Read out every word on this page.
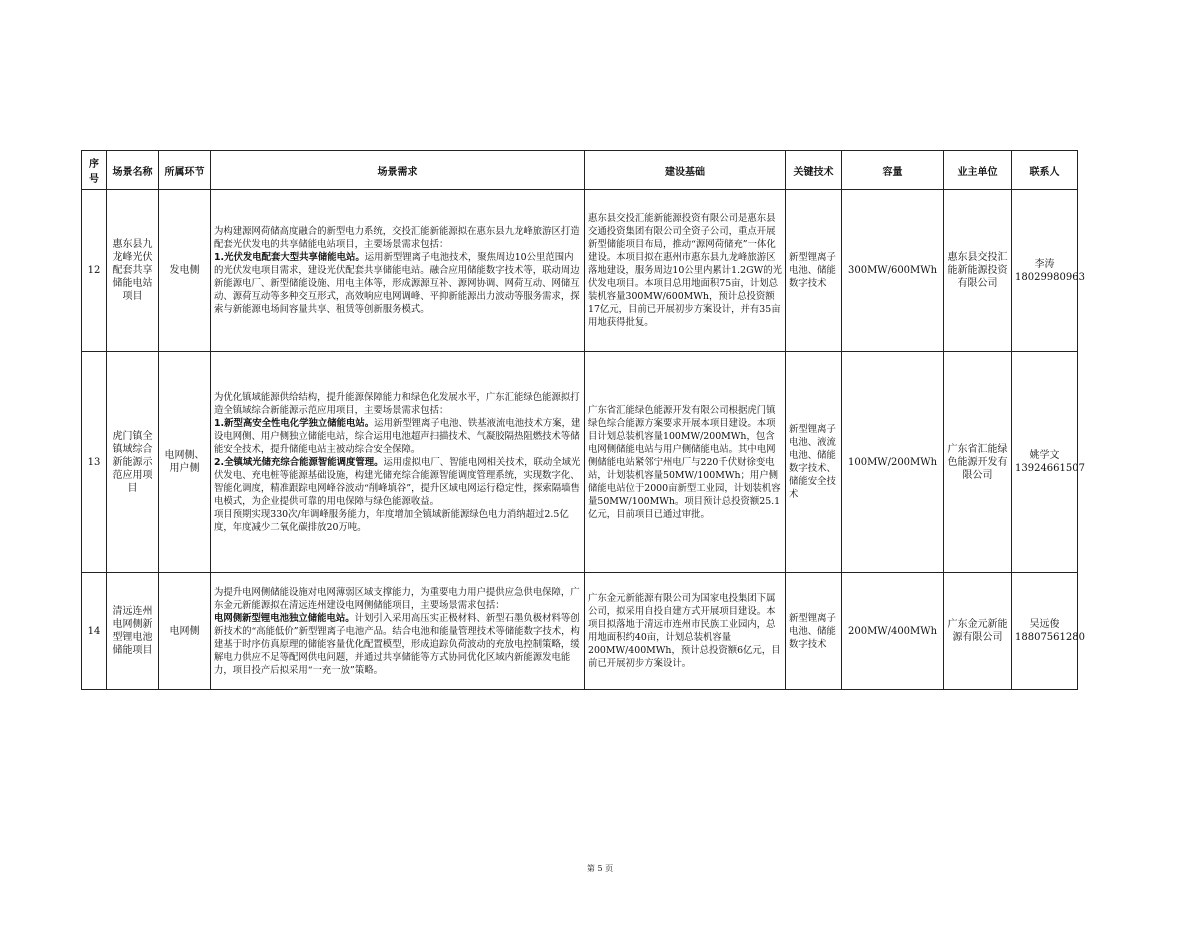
序号	场景名称	所属环节	场景需求	建设基础	关键技术	容量	业主单位	联系人
12	惠东县九龙峰光伏配套共享储能电站项目	发电侧	为构建源网荷储高度融合的新型电力系统，交投汇能新能源拟在惠东县九龙峰旅游区打造配套光伏发电的共享储能电站项目，主要场景需求包括：
1.光伏发电配套大型共享储能电站。运用新型锂离子电池技术，聚焦周边10公里范围内的光伏发电项目需求，建设光伏配套共享储能电站。融合应用储能数字技术等，联动周边新能源电厂、新型储能设施、用电主体等，形成源源互补、源网协调、网荷互动、网储互动、源荷互动等多种交互形式，高效响应电网调峰、平抑新能源出力波动等服务需求，探索与新能源电场间容量共享、租赁等创新服务模式。	惠东县交投汇能新能源投资有限公司是惠东县交通投资集团有限公司全资子公司，重点开展新型储能项目布局，推动“源网荷储充”一体化建设。本项目拟在惠州市惠东县九龙峰旅游区落地建设，服务周边10公里内累计1.2GW的光伏发电项目。本项目总用地面积75亩，计划总装机容量300MW/600MWh，预计总投资额17亿元，目前已开展初步方案设计，并有35亩用地获得批复。	新型锂离子电池、储能数字技术	300MW/600MWh	惠东县交投汇能新能源投资有限公司	李涛
18029980963

13	虎门镇全镇域综合新能源示范应用项目	电网侧、用户侧	为优化镇域能源供给结构，提升能源保障能力和绿色化发展水平，广东汇能绿色能源拟打造全镇域综合新能源示范应用项目，主要场景需求包括：
1.新型高安全性电化学独立储能电站。运用新型锂离子电池、铁基液流电池技术方案，建设电网侧、用户侧独立储能电站，综合运用电池超声扫描技术、气凝胶隔热阻燃技术等储能安全技术，提升储能电站主被动综合安全保障。
2.全镇域光储充综合能源智能调度管理。运用虚拟电厂、智能电网相关技术，联动全域光伏发电、充电桩等能源基础设施，构建光储充综合能源智能调度管理系统，实现数字化、智能化调度，精准跟踪电网峰谷波动“削峰填谷”，提升区域电网运行稳定性，探索隔墙售电模式，为企业提供可靠的用电保障与绿色能源收益。
项目预期实现330次/年调峰服务能力，年度增加全镇域新能源绿色电力消纳超过2.5亿度，年度减少二氧化碳排放20万吨。	广东省汇能绿色能源开发有限公司根据虎门镇绿色综合能源方案要求开展本项目建设。本项目计划总装机容量100MW/200MWh，包含电网侧储能电站与用户侧储能电站。其中电网侧储能电站紧邻宁州电厂与220千伏财徐变电站，计划装机容量50MW/100MWh；用户侧储能电站位于2000亩新型工业园，计划装机容量50MW/100MWh。项目预计总投资额25.1亿元，目前项目已通过审批。	新型锂离子电池、液流电池、储能数字技术、储能安全技术	100MW/200MWh	广东省汇能绿色能源开发有限公司	姚学文
13924661507

14	清远连州电网侧新型锂电池储能项目	电网侧	为提升电网侧储能设施对电网薄弱区域支撑能力，为重要电力用户提供应急供电保障，广东金元新能源拟在清远连州建设电网侧储能项目，主要场景需求包括：
电网侧新型锂电池独立储能电站。计划引入采用高压实正极材料、新型石墨负极材料等创新技术的“高能低价”新型锂离子电池产品。结合电池和能量管理技术等储能数字技术，构建基于时序仿真原理的储能容量优化配置模型，形成追踪负荷波动的充放电控制策略，缓解电力供应不足等配网供电问题，并通过共享储能等方式协同优化区域内新能源发电能力，项目投产后拟采用“一充一放”策略。	广东金元新能源有限公司为国家电投集团下属公司，拟采用自投自建方式开展项目建设。本项目拟落地于清远市连州市民族工业园内，总用地面积约40亩，计划总装机容量200MW/400MWh，预计总投资额6亿元，目前已开展初步方案设计。	新型锂离子电池、储能数字技术	200MW/400MWh	广东金元新能源有限公司	吴远俊
18807561280
第 5 页
